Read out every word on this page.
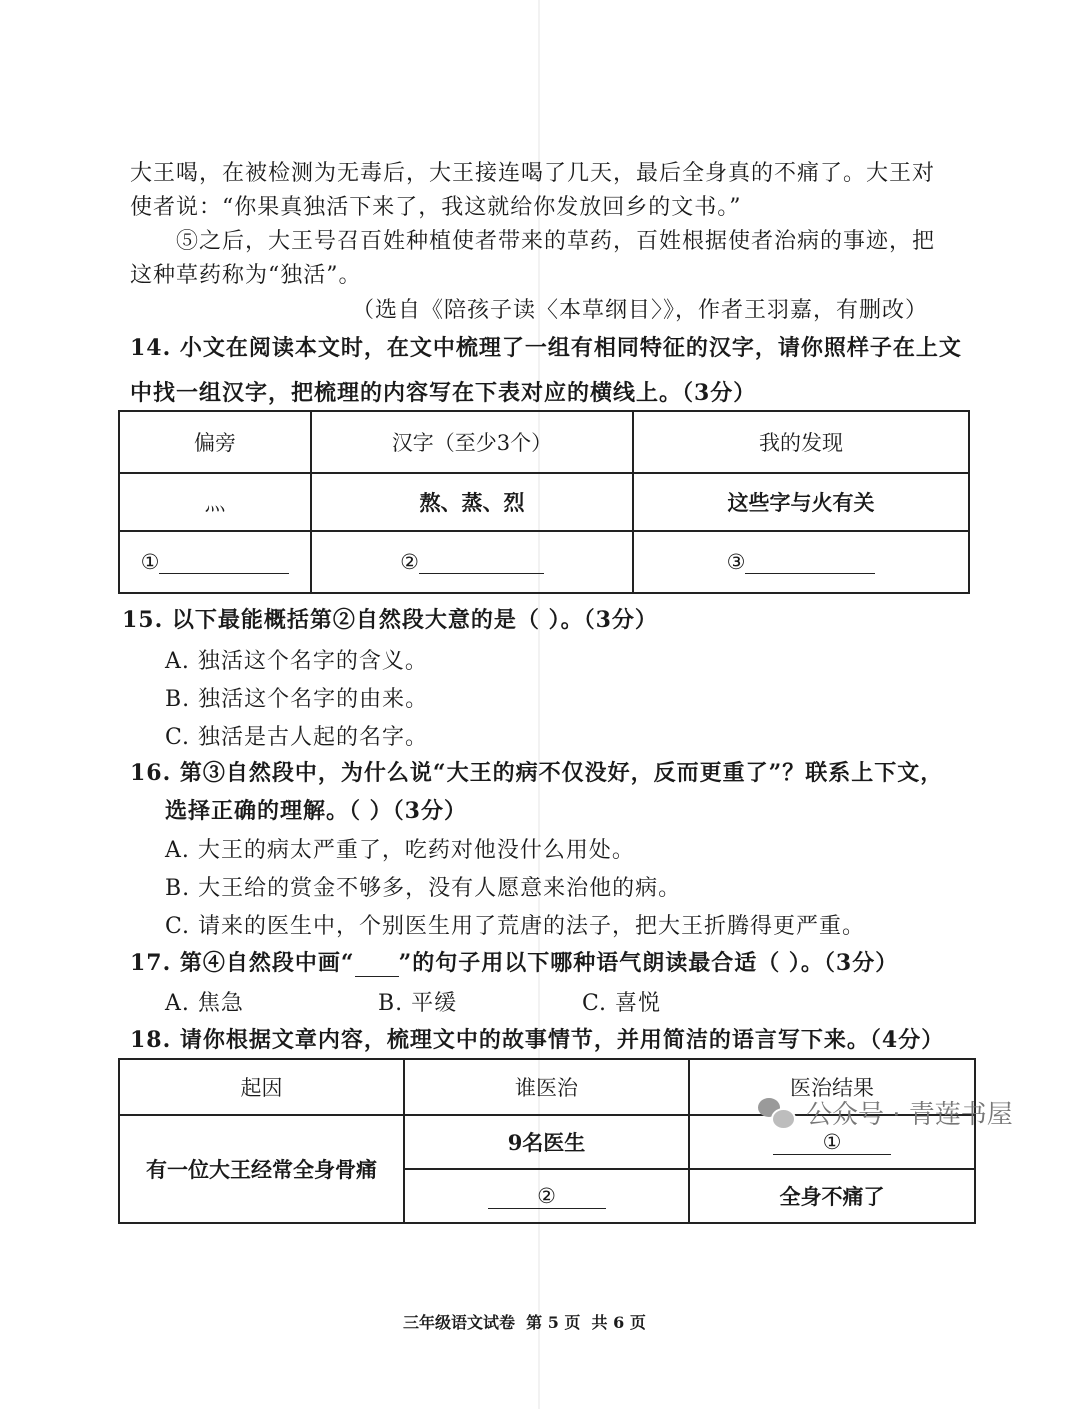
大王喝，在被检测为无毒后，大王接连喝了几天，最后全身真的不痛了。大王对
使者说：“你果真独活下来了，我这就给你发放回乡的文书。”
⑤之后，大王号召百姓种植使者带来的草药，百姓根据使者治病的事迹，把
这种草药称为“独活”。
（选自《陪孩子读〈本草纲目〉》，作者王羽嘉，有删改）
14. 小文在阅读本文时，在文中梳理了一组有相同特征的汉字，请你照样子在上文
中找一组汉字，把梳理的内容写在下表对应的横线上。（3分）
偏旁	汉字（至少3个）	我的发现
灬	熬、蒸、烈	这些字与火有关
①	②	③
15. 以下最能概括第②自然段大意的是（ ）。（3分）
A. 独活这个名字的含义。
B. 独活这个名字的由来。
C. 独活是古人起的名字。
16. 第③自然段中，为什么说“大王的病不仅没好，反而更重了”？联系上下文，
选择正确的理解。（ ）（3分）
A. 大王的病太严重了，吃药对他没什么用处。
B. 大王给的赏金不够多，没有人愿意来治他的病。
C. 请来的医生中，个别医生用了荒唐的法子，把大王折腾得更严重。
17. 第④自然段中画“ ”的句子用以下哪种语气朗读最合适（ ）。（3分）
A. 焦急	B. 平缓	C. 喜悦
18. 请你根据文章内容，梳理文中的故事情节，并用简洁的语言写下来。（4分）
起因	谁医治	医治结果
有一位大王经常全身骨痛	9名医生	①
	②	全身不痛了
三年级语文试卷  第 5 页  共 6 页
公众号 · 青莲书屋
